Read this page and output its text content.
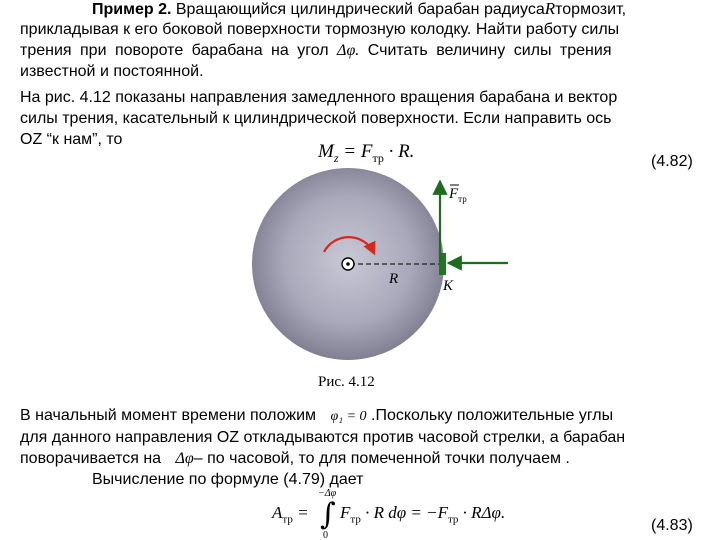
Пример 2. Вращающийся цилиндрический барабан радиусаRтормозит,
прикладывая к его боковой поверхности тормозную колодку. Найти работу силы
трения при повороте барабана на угол Δφ. Считать величину силы трения
известной и постоянной.
На рис. 4.12 показаны направления замедленного вращения барабана и вектор
силы трения, касательный к цилиндрической поверхности. Если направить ось
OZ “к нам”, то
$M_z = F_{тр} \cdot R$.	(4.82)
$F_{тр}$
R	K
Рис. 4.12
∫
−Δφ
0
В начальный момент времени положим φ₁ = 0 .Поскольку положительные углы
для данного направления OZ откладываются против часовой стрелки, а барабан
поворачивается на Δφ– по часовой, то для помеченной точки получаем .
Вычисление по формуле (4.79) дает
$A_{тр} = F_{тр} \cdot R$ $d\varphi = -F_{тр} \cdot R\Delta\varphi$.
(4.83)
